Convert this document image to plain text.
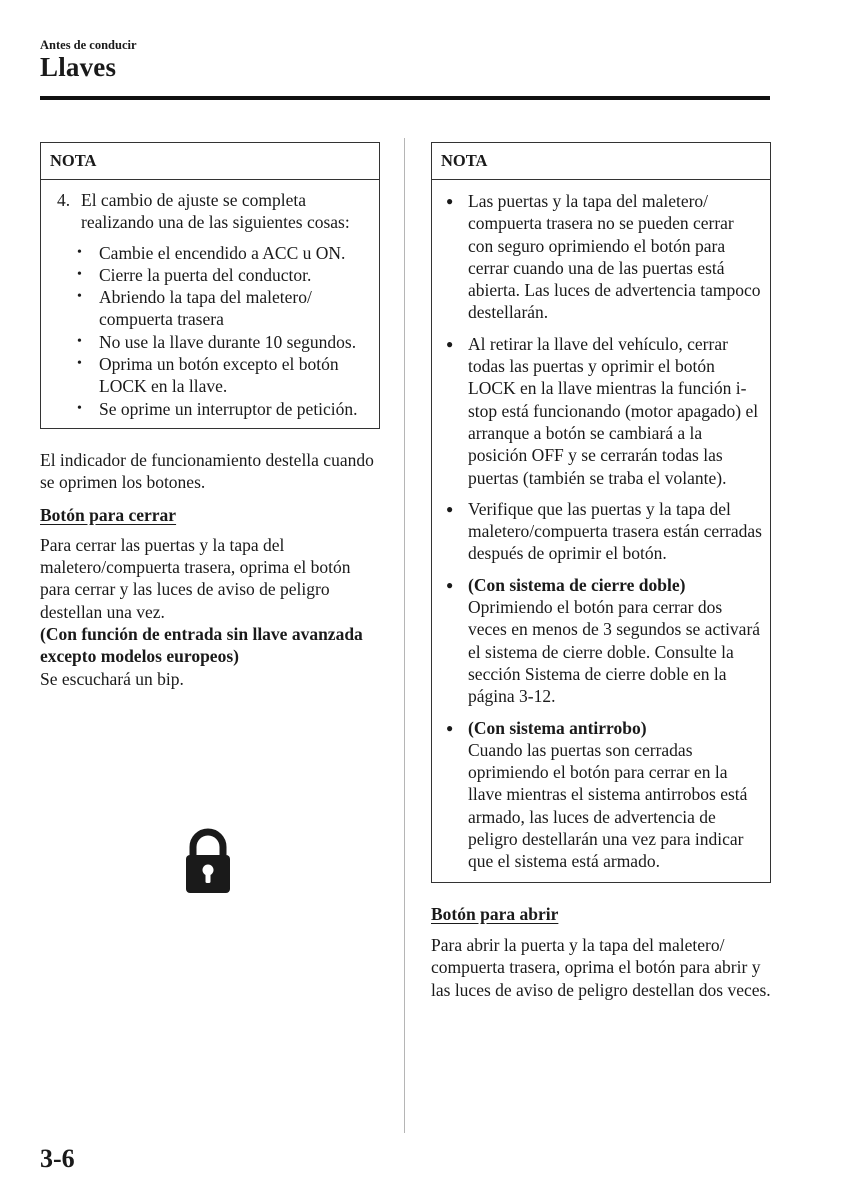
Antes de conducir
Llaves
NOTA
4. El cambio de ajuste se completa realizando una de las siguientes cosas:
• Cambie el encendido a ACC u ON.
• Cierre la puerta del conductor.
• Abriendo la tapa del maletero/ compuerta trasera
• No use la llave durante 10 segundos.
• Oprima un botón excepto el botón LOCK en la llave.
• Se oprime un interruptor de petición.

El indicador de funcionamiento destella cuando se oprimen los botones.

Botón para cerrar

Para cerrar las puertas y la tapa del maletero/compuerta trasera, oprima el botón para cerrar y las luces de aviso de peligro destellan una vez.

(Con función de entrada sin llave avanzada excepto modelos europeos)

Se escuchará un bip.

NOTA
● Las puertas y la tapa del maletero/ compuerta trasera no se pueden cerrar con seguro oprimiendo el botón para cerrar cuando una de las puertas está abierta. Las luces de advertencia tampoco destellarán.
● Al retirar la llave del vehículo, cerrar todas las puertas y oprimir el botón LOCK en la llave mientras la función i-stop está funcionando (motor apagado) el arranque a botón se cambiará a la posición OFF y se cerrarán todas las puertas (también se traba el volante).
● Verifique que las puertas y la tapa del maletero/compuerta trasera están cerradas después de oprimir el botón.
● (Con sistema de cierre doble)
Oprimiendo el botón para cerrar dos veces en menos de 3 segundos se activará el sistema de cierre doble. Consulte la sección Sistema de cierre doble en la página 3-12.
● (Con sistema antirrobo)
Cuando las puertas son cerradas oprimiendo el botón para cerrar en la llave mientras el sistema antirrobos está armado, las luces de advertencia de peligro destellarán una vez para indicar que el sistema está armado.

Botón para abrir

Para abrir la puerta y la tapa del maletero/ compuerta trasera, oprima el botón para abrir y las luces de aviso de peligro destellan dos veces.

3-6
